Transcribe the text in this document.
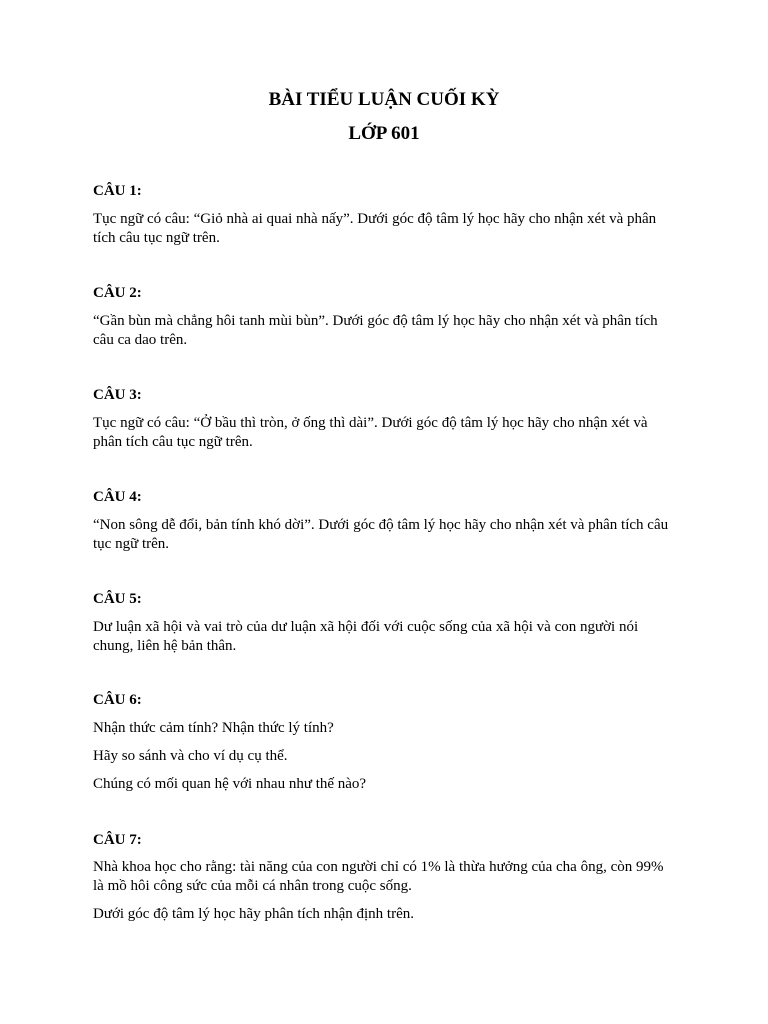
BÀI TIỂU LUẬN CUỐI KỲ
LỚP 601

CÂU 1:

Tục ngữ có câu: “Giỏ nhà ai quai nhà nấy”. Dưới góc độ tâm lý học hãy cho nhận xét và phân tích câu tục ngữ trên.

CÂU 2:

“Gần bùn mà chẳng hôi tanh mùi bùn”. Dưới góc độ tâm lý học hãy cho nhận xét và phân tích câu ca dao trên.

CÂU 3:

Tục ngữ có câu: “Ở bầu thì tròn, ở ống thì dài”. Dưới góc độ tâm lý học hãy cho nhận xét và phân tích câu tục ngữ trên.

CÂU 4:

“Non sông dễ đổi, bản tính khó dời”. Dưới góc độ tâm lý học hãy cho nhận xét và phân tích câu tục ngữ trên.

CÂU 5:

Dư luận xã hội và vai trò của dư luận xã hội đối với cuộc sống của xã hội và con người nói chung, liên hệ bản thân.

CÂU 6:

Nhận thức cảm tính? Nhận thức lý tính?

Hãy so sánh và cho ví dụ cụ thể.

Chúng có mối quan hệ với nhau như thế nào?

CÂU 7:

Nhà khoa học cho rằng: tài năng của con người chỉ có 1% là thừa hưởng của cha ông, còn 99% là mồ hôi công sức của mỗi cá nhân trong cuộc sống.

Dưới góc độ tâm lý học hãy phân tích nhận định trên.
